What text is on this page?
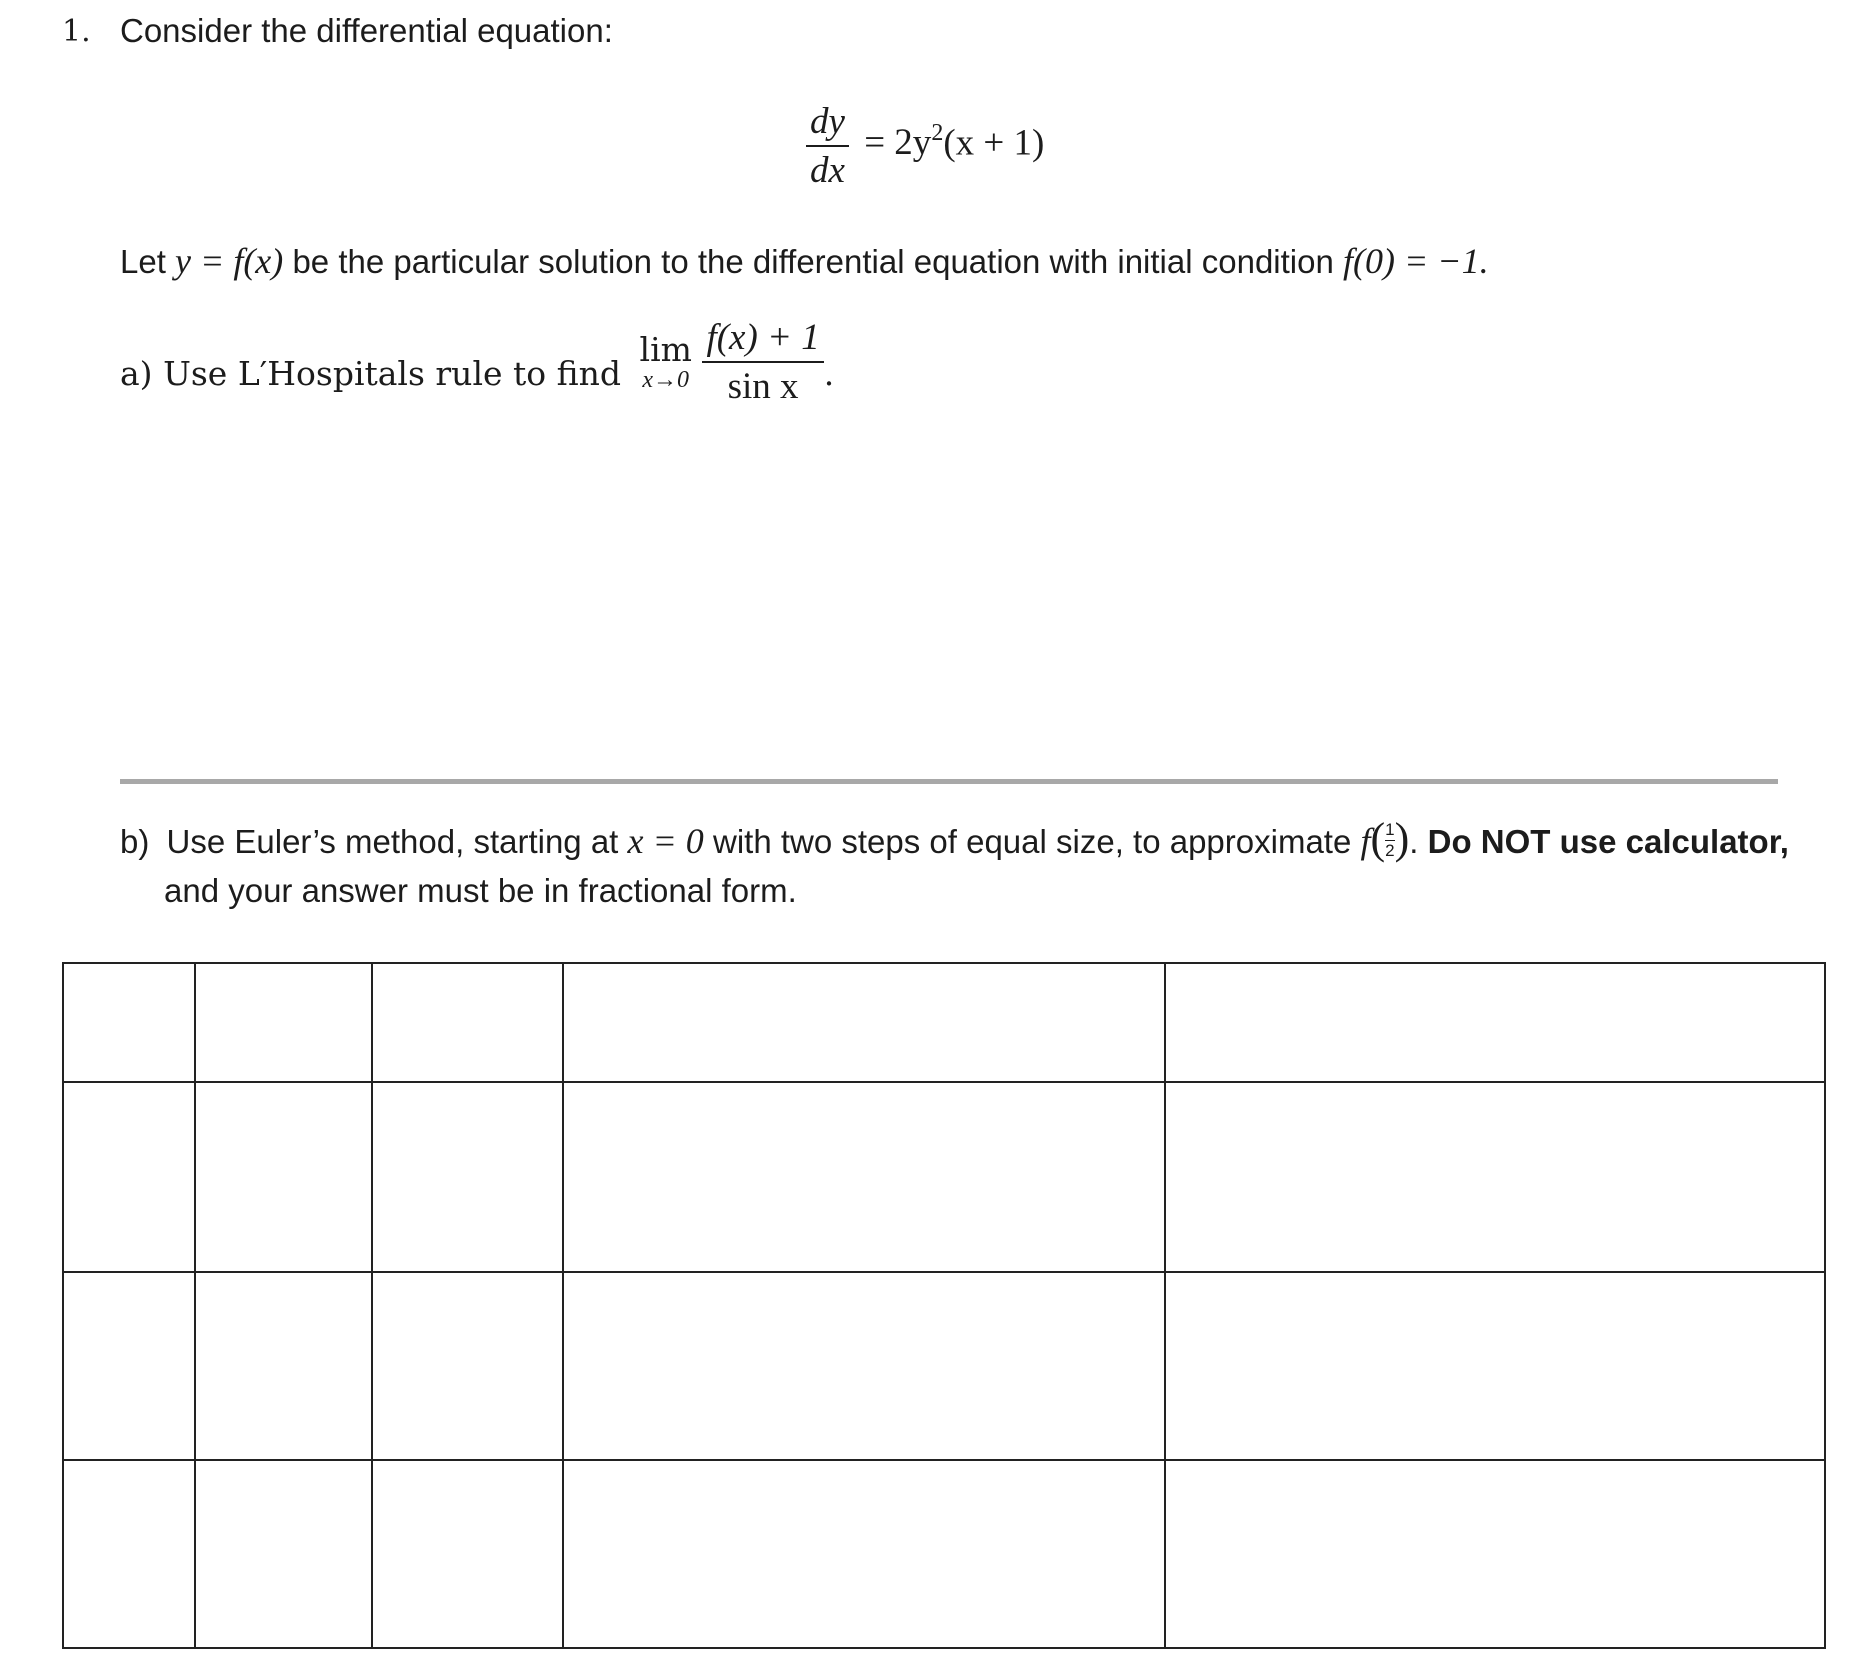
1. Consider the differential equation:
$\frac{dy}{dx} = 2y^2(x + 1)$
Let y = f(x) be the particular solution to the differential equation with initial condition f(0) = −1.
a) Use L′Hospitals rule to find
lim
x→0
$\frac{f(x) + 1}{\text{sin x}}$ .
b) Use Euler’s method, starting at x = 0 with two steps of equal size, to approximate $f( \frac{1}{2}$ ). Do NOT use calculator,
and your answer must be in fractional form.
